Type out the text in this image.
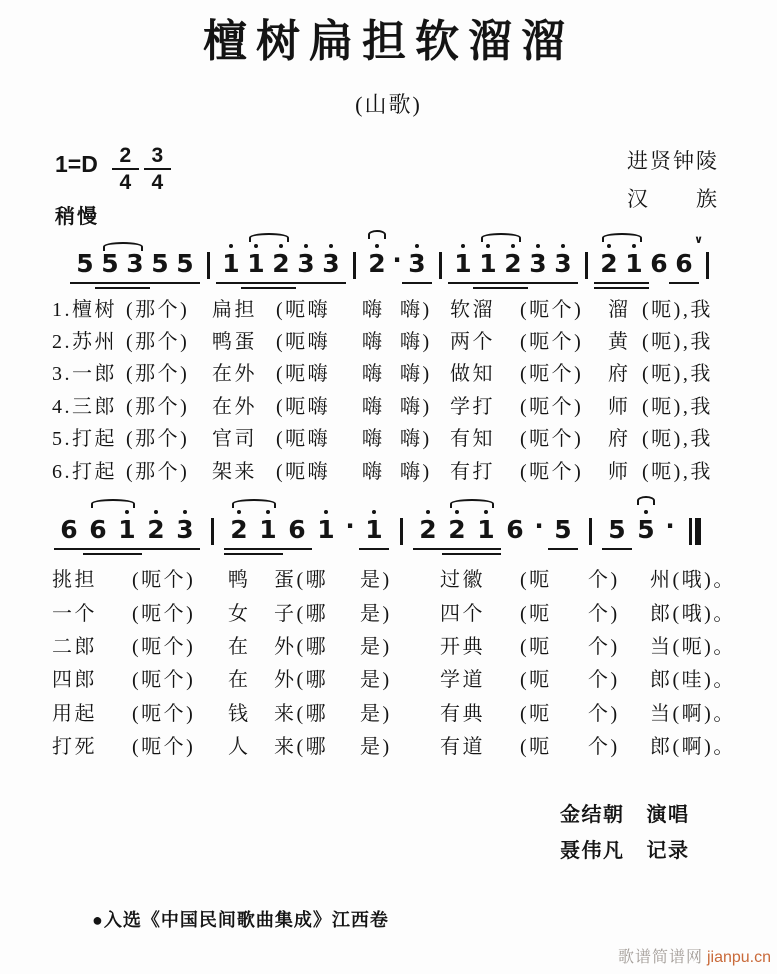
檀树扁担软溜溜
(山歌)
$1=D \frac{2}{4} \frac{3}{4}$	进贤钟陵
汉　　族
稍慢
5 5 3 5 5 1 1 2 3 3 2 · 3 1 1 2 3 3 2 1 6 6
∨
1.檀树 (那个)	扁担 (呃嗨	嗨 嗨) 软溜	(呃个)	溜 (呃),我
2.苏州 (那个)	鸭蛋 (呃嗨	嗨 嗨) 两个	(呃个)	黄 (呃),我
3.一郎 (那个)	在外 (呃嗨	嗨 嗨) 做知	(呃个)	府 (呃),我
4.三郎 (那个)	在外 (呃嗨	嗨 嗨) 学打	(呃个)	师 (呃),我
5.打起 (那个)	官司 (呃嗨	嗨 嗨) 有知	(呃个)	府 (呃),我
6.打起 (那个)	架来 (呃嗨	嗨 嗨) 有打	(呃个)	师 (呃),我
6 6 1 2 3 2 1 6 1 · 1 2 2 1 6 · 5 5 5 ·
挑担	(呃个)	鸭	蛋(哪	是)	过徽	(呃	个)	州(哦)。
一个	(呃个)	女	子(哪	是)	四个	(呃	个)	郎(哦)。
二郎	(呃个)	在	外(哪	是)	开典	(呃	个)	当(呃)。
四郎	(呃个)	在	外(哪	是)	学道	(呃	个)	郎(哇)。
用起	(呃个)	钱	来(哪	是)	有典	(呃	个)	当(啊)。
打死	(呃个)	人	来(哪	是)	有道	(呃	个)	郎(啊)。
金结朝 演唱
聂伟凡 记录
●入选《中国民间歌曲集成》江西卷
歌谱简谱网 jianpu.cn
